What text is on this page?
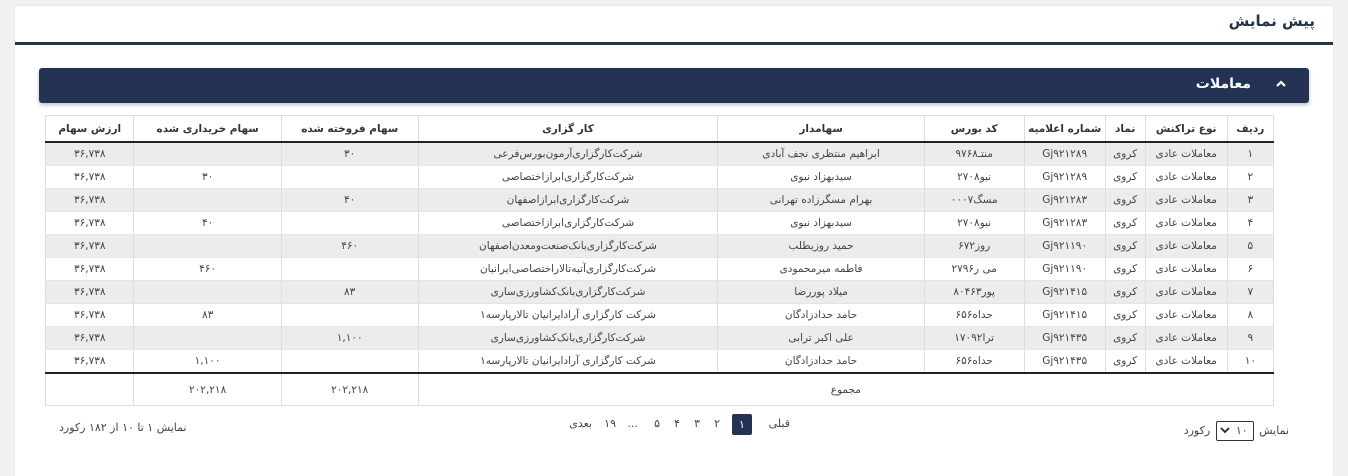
پیش نمایش
معاملات
ردیف	نوع تراکنش	نماد	شماره اعلامیه	کد بورس	سهامدار	کار گزاری	سهام فروخته شده	سهام خریداری شده	ارزش سهام
۱	معاملات عادی	کروی	Gj۹۲۱۲۸۹	منتـ۹۷۶۸	ابراهیم منتظری نجف آبادی	شرکت‌کارگزاری‌آرمون‌بورس‌فرعی	۳۰		۳۶,۷۳۸
۲	معاملات عادی	کروی	Gj۹۲۱۲۸۹	نبو۲۷۰۸	سیدبهزاد نبوی	شرکت‌کارگزاری‌ابراز‌اختصاصی		۳۰	۳۶,۷۳۸
۳	معاملات عادی	کروی	Gj۹۲۱۲۸۳	مسگ۰۰۰۷	بهرام مسگرزاده تهرانی	شرکت‌کارگزاری‌ابراز‌اصفهان	۴۰		۳۶,۷۳۸
۴	معاملات عادی	کروی	Gj۹۲۱۲۸۳	نبو۲۷۰۸	سیدبهزاد نبوی	شرکت‌کارگزاری‌ابراز‌اختصاصی		۴۰	۳۶,۷۳۸
۵	معاملات عادی	کروی	Gj۹۲۱۱۹۰	روز۶۷۲	حمید روزیطلب	شرکت‌کارگزاری‌بانک‌صنعت‌ومعدن‌اصفهان	۴۶۰		۳۶,۷۳۸
۶	معاملات عادی	کروی	Gj۹۲۱۱۹۰	می ر۲۷۹۶	فاطمه میرمحمودی	شرکت‌کارگزاری‌آتیه‌تالار‌اختصاصی‌ایرانیان		۴۶۰	۳۶,۷۳۸
۷	معاملات عادی	کروی	Gj۹۲۱۴۱۵	پور۸۰۴۶۳	میلاد پوررضا	شرکت‌کارگزاری‌بانک‌کشاورزی‌ساری	۸۳		۳۶,۷۳۸
۸	معاملات عادی	کروی	Gj۹۲۱۴۱۵	حداه۶۵۶	حامد حدادزادگان	شرکت کارگزاری آرادایرانیان تالارپارسه۱		۸۳	۳۶,۷۳۸
۹	معاملات عادی	کروی	Gj۹۲۱۴۳۵	ترا۱۷۰۹۲	علی اکبر ترابی	شرکت‌کارگزاری‌بانک‌کشاورزی‌ساری	۱,۱۰۰		۳۶,۷۳۸
۱۰	معاملات عادی	کروی	Gj۹۲۱۴۳۵	حداه۶۵۶	حامد حدادزادگان	شرکت کارگزاری آرادایرانیان تالارپارسه۱		۱,۱۰۰	۳۶,۷۳۸
مجموع							۲۰۲,۲۱۸	۲۰۲,۲۱۸	
نمایش ۱ تا ۱۰ از ۱۸۲ رکورد	قبلی
۱
۲
۳
۴
۵
...
۱۹
بعدی
نمایش
۱۰
رکورد
